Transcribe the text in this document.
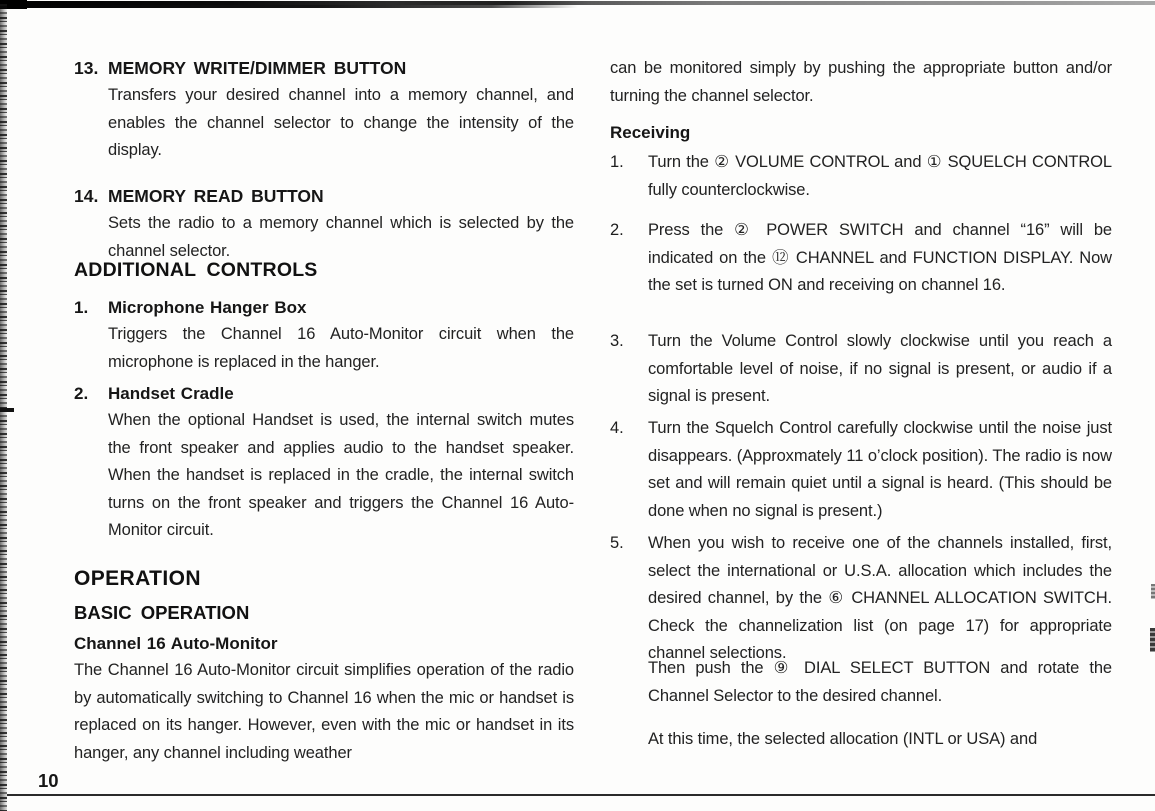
13. MEMORY WRITE/DIMMER BUTTON
Transfers your desired channel into a memory channel, and enables the channel selector to change the intensity of the display.
14. MEMORY READ BUTTON
Sets the radio to a memory channel which is selected by the channel selector.
ADDITIONAL CONTROLS
1.	Microphone Hanger Box
Triggers the Channel 16 Auto-Monitor circuit when the microphone is replaced in the hanger.
2.	Handset Cradle
When the optional Handset is used, the internal switch mutes the front speaker and applies audio to the handset speaker. When the handset is replaced in the cradle, the internal switch turns on the front speaker and triggers the Channel 16 Auto-Monitor circuit.
OPERATION
BASIC OPERATION
Channel 16 Auto-Monitor
The Channel 16 Auto-Monitor circuit simplifies operation of the radio by automatically switching to Channel 16 when the mic or handset is replaced on its hanger. However, even with the mic or handset in its hanger, any channel including weather
can be monitored simply by pushing the appropriate button and/or turning the channel selector.
Receiving
1.	Turn the ② VOLUME CONTROL and ① SQUELCH CONTROL fully counterclockwise.
2.	Press the ② POWER SWITCH and channel “16” will be indicated on the ⑫ CHANNEL and FUNCTION DISPLAY. Now the set is turned ON and receiving on channel 16.
3.	Turn the Volume Control slowly clockwise until you reach a comfortable level of noise, if no signal is present, or audio if a signal is present.
4.	Turn the Squelch Control carefully clockwise until the noise just disappears. (Approxmately 11 o’clock position). The radio is now set and will remain quiet until a signal is heard. (This should be done when no signal is present.)
5.	When you wish to receive one of the channels installed, first, select the international or U.S.A. allocation which includes the desired channel, by the ⑥ CHANNEL ALLOCATION SWITCH. Check the channelization list (on page 17) for appropriate channel selections.
Then push the ⑨ DIAL SELECT BUTTON and rotate the Channel Selector to the desired channel.
At this time, the selected allocation (INTL or USA) and
10
